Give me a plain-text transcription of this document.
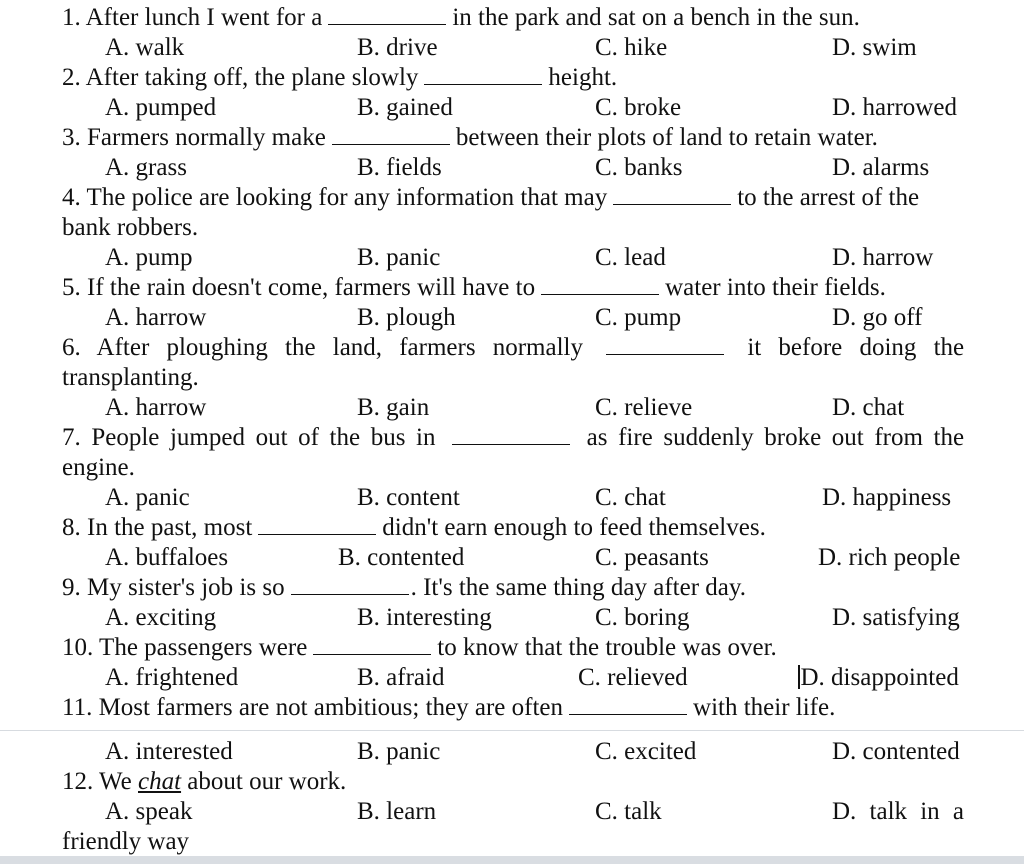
1. After lunch I went for a	in the park and sat on a bench in the sun.
A. walk	B. drive	C. hike	D. swim
2. After taking off, the plane slowly	height.
A. pumped	B. gained	C. broke	D. harrowed
3. Farmers normally make	between their plots of land to retain water.
A. grass	B. fields	C. banks	D. alarms
4. The police are looking for any information that may	to the arrest of the
bank robbers.
A. pump	B. panic	C. lead	D. harrow
5. If the rain doesn't come, farmers will have to	water into their fields.
A. harrow	B. plough	C. pump	D. go off
6. After ploughing the land, farmers normally	it before doing the
transplanting.
A. harrow	B. gain	C. relieve	D. chat
7. People jumped out of the bus in	as fire suddenly broke out from the
engine.
A. panic	B. content	C. chat	D. happiness
8. In the past, most	didn't earn enough to feed themselves.
A. buffaloes	B. contented	C. peasants	D. rich people
9. My sister's job is so	. It's the same thing day after day.
A. exciting	B. interesting	C. boring	D. satisfying
10. The passengers were	to know that the trouble was over.
A. frightened	B. afraid	C. relieved	D. disappointed
11. Most farmers are not ambitious; they are often	with their life.
A. interested	B. panic	C. excited	D. contented
12. We chat about our work.
A. speak	B. learn	C. talk	D. talk in a
friendly way
